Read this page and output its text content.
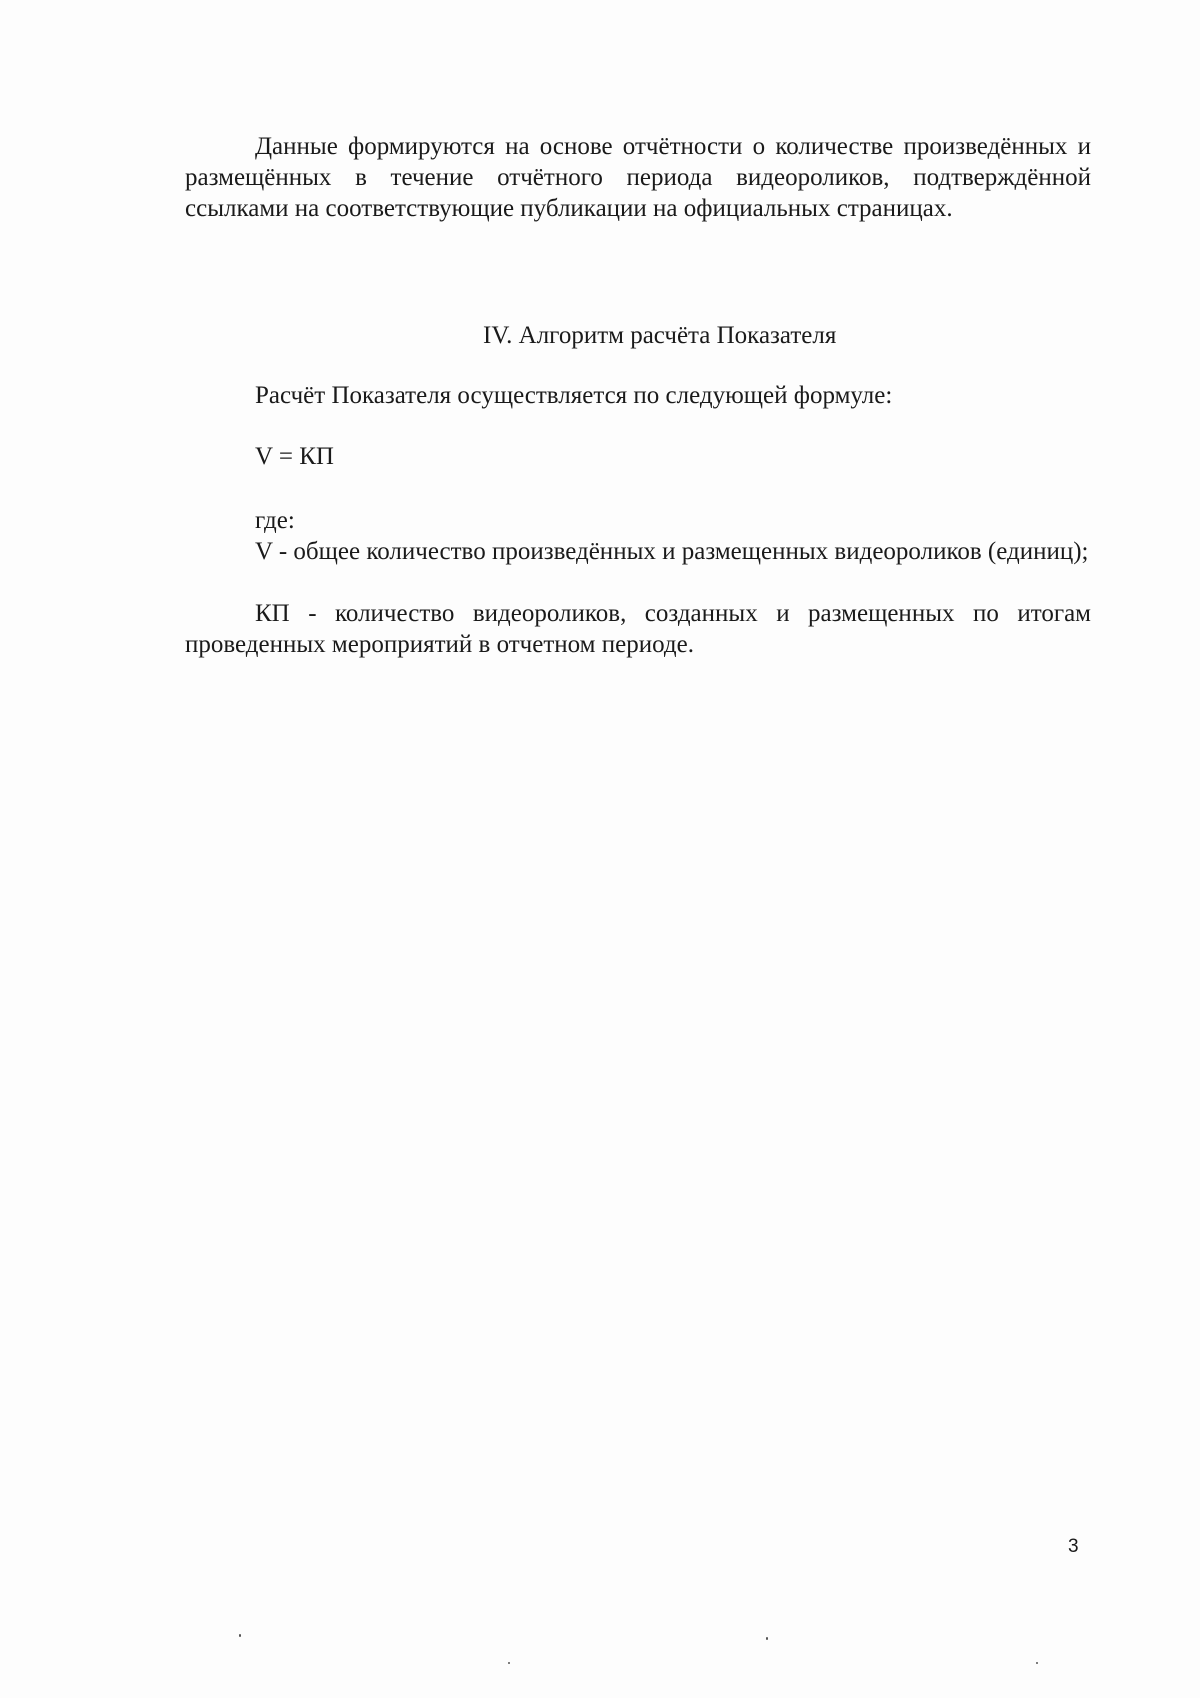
Данные формируются на основе отчётности о количестве произведённых и размещённых в течение отчётного периода видеороликов, подтверждённой ссылками на соответствующие публикации на официальных страницах.

IV. Алгоритм расчёта Показателя
Расчёт Показателя осуществляется по следующей формуле:
V = КП
где:

V - общее количество произведённых и размещенных видеороликов (единиц);

КП - количество видеороликов, созданных и размещенных по итогам проведенных мероприятий в отчетном периоде.

3
